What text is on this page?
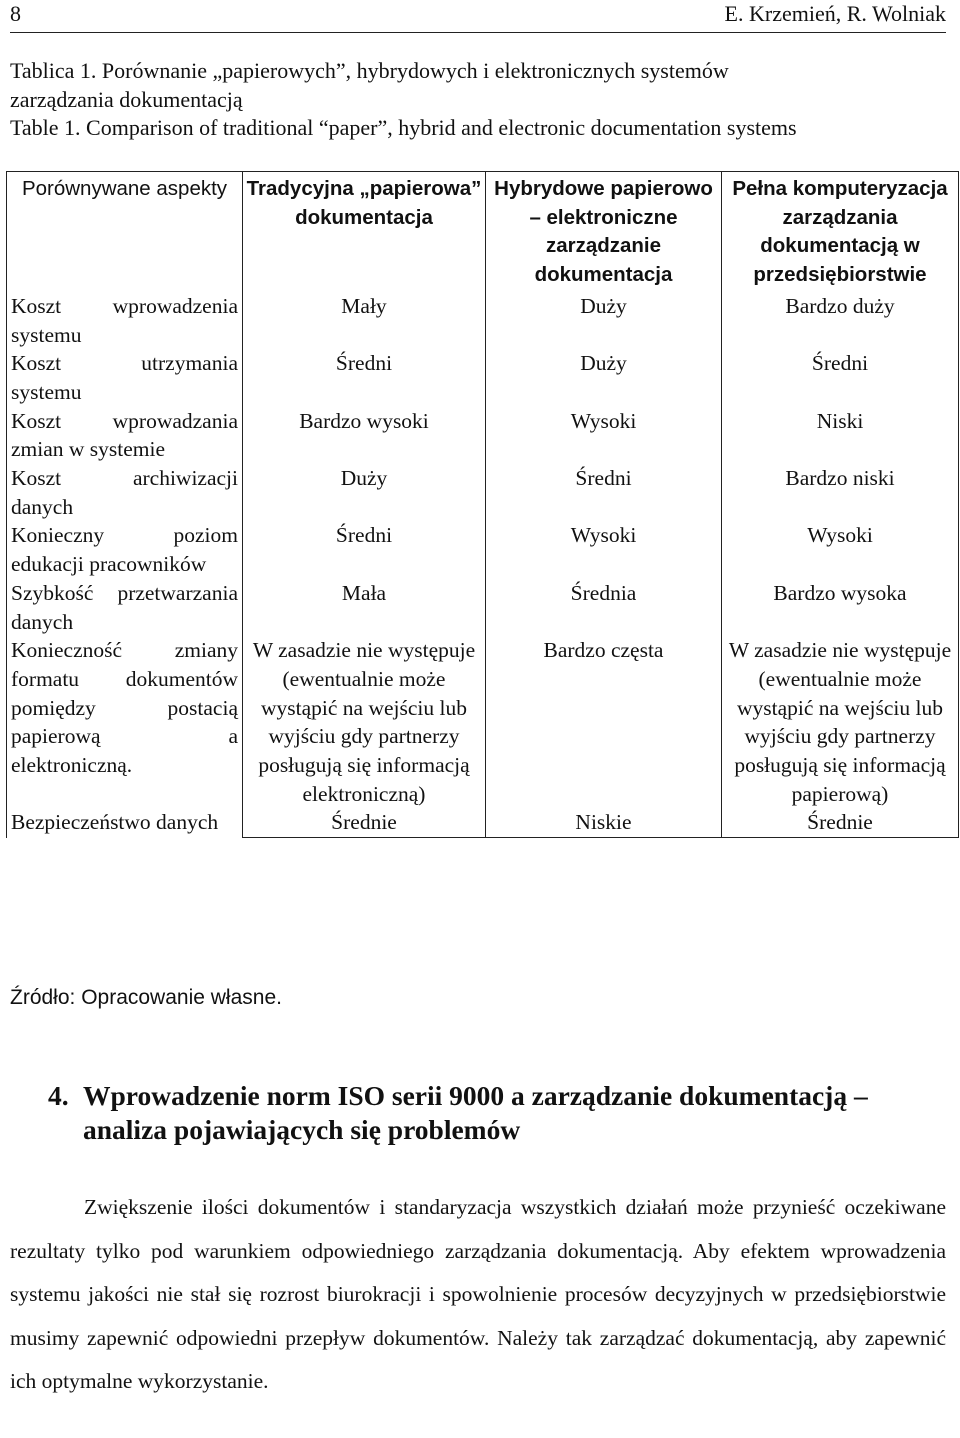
8	E. Krzemień, R. Wolniak
Tablica 1. Porównanie „papierowych”, hybrydowych i elektronicznych systemów
zarządzania dokumentacją
Table 1. Comparison of traditional “paper”, hybrid and electronic documentation systems
Porównywane aspekty	Tradycyjna „papierowa” dokumentacja	Hybrydowe papierowo – elektroniczne zarządzanie dokumentacja	Pełna komputeryzacja zarządzania dokumentacją w przedsiębiorstwie
Koszt wprowadzenia systemu	Mały	Duży	Bardzo duży
Koszt utrzymania systemu	Średni	Duży	Średni
Koszt wprowadzania zmian w systemie	Bardzo wysoki	Wysoki	Niski
Koszt archiwizacji danych	Duży	Średni	Bardzo niski
Konieczny poziom edukacji pracowników	Średni	Wysoki	Wysoki
Szybkość przetwarzania danych	Mała	Średnia	Bardzo wysoka
Konieczność zmiany formatu dokumentów pomiędzy postacią papierową a elektroniczną.	W zasadzie nie występuje (ewentualnie może wystąpić na wejściu lub wyjściu gdy partnerzy posługują się informacją elektroniczną)	Bardzo częsta	W zasadzie nie występuje (ewentualnie może wystąpić na wejściu lub wyjściu gdy partnerzy posługują się informacją papierową)
Bezpieczeństwo danych	Średnie	Niskie	Średnie
Źródło: Opracowanie własne.
4. Wprowadzenie norm ISO serii 9000 a zarządzanie dokumentacją – analiza pojawiających się problemów

Zwiększenie ilości dokumentów i standaryzacja wszystkich działań może przynieść oczekiwane rezultaty tylko pod warunkiem odpowiedniego zarządzania dokumentacją. Aby efektem wprowadzenia systemu jakości nie stał się rozrost biurokracji i spowolnienie procesów decyzyjnych w przedsiębiorstwie musimy zapewnić odpowiedni przepływ dokumentów. Należy tak zarządzać dokumentacją, aby zapewnić ich optymalne wykorzystanie.
